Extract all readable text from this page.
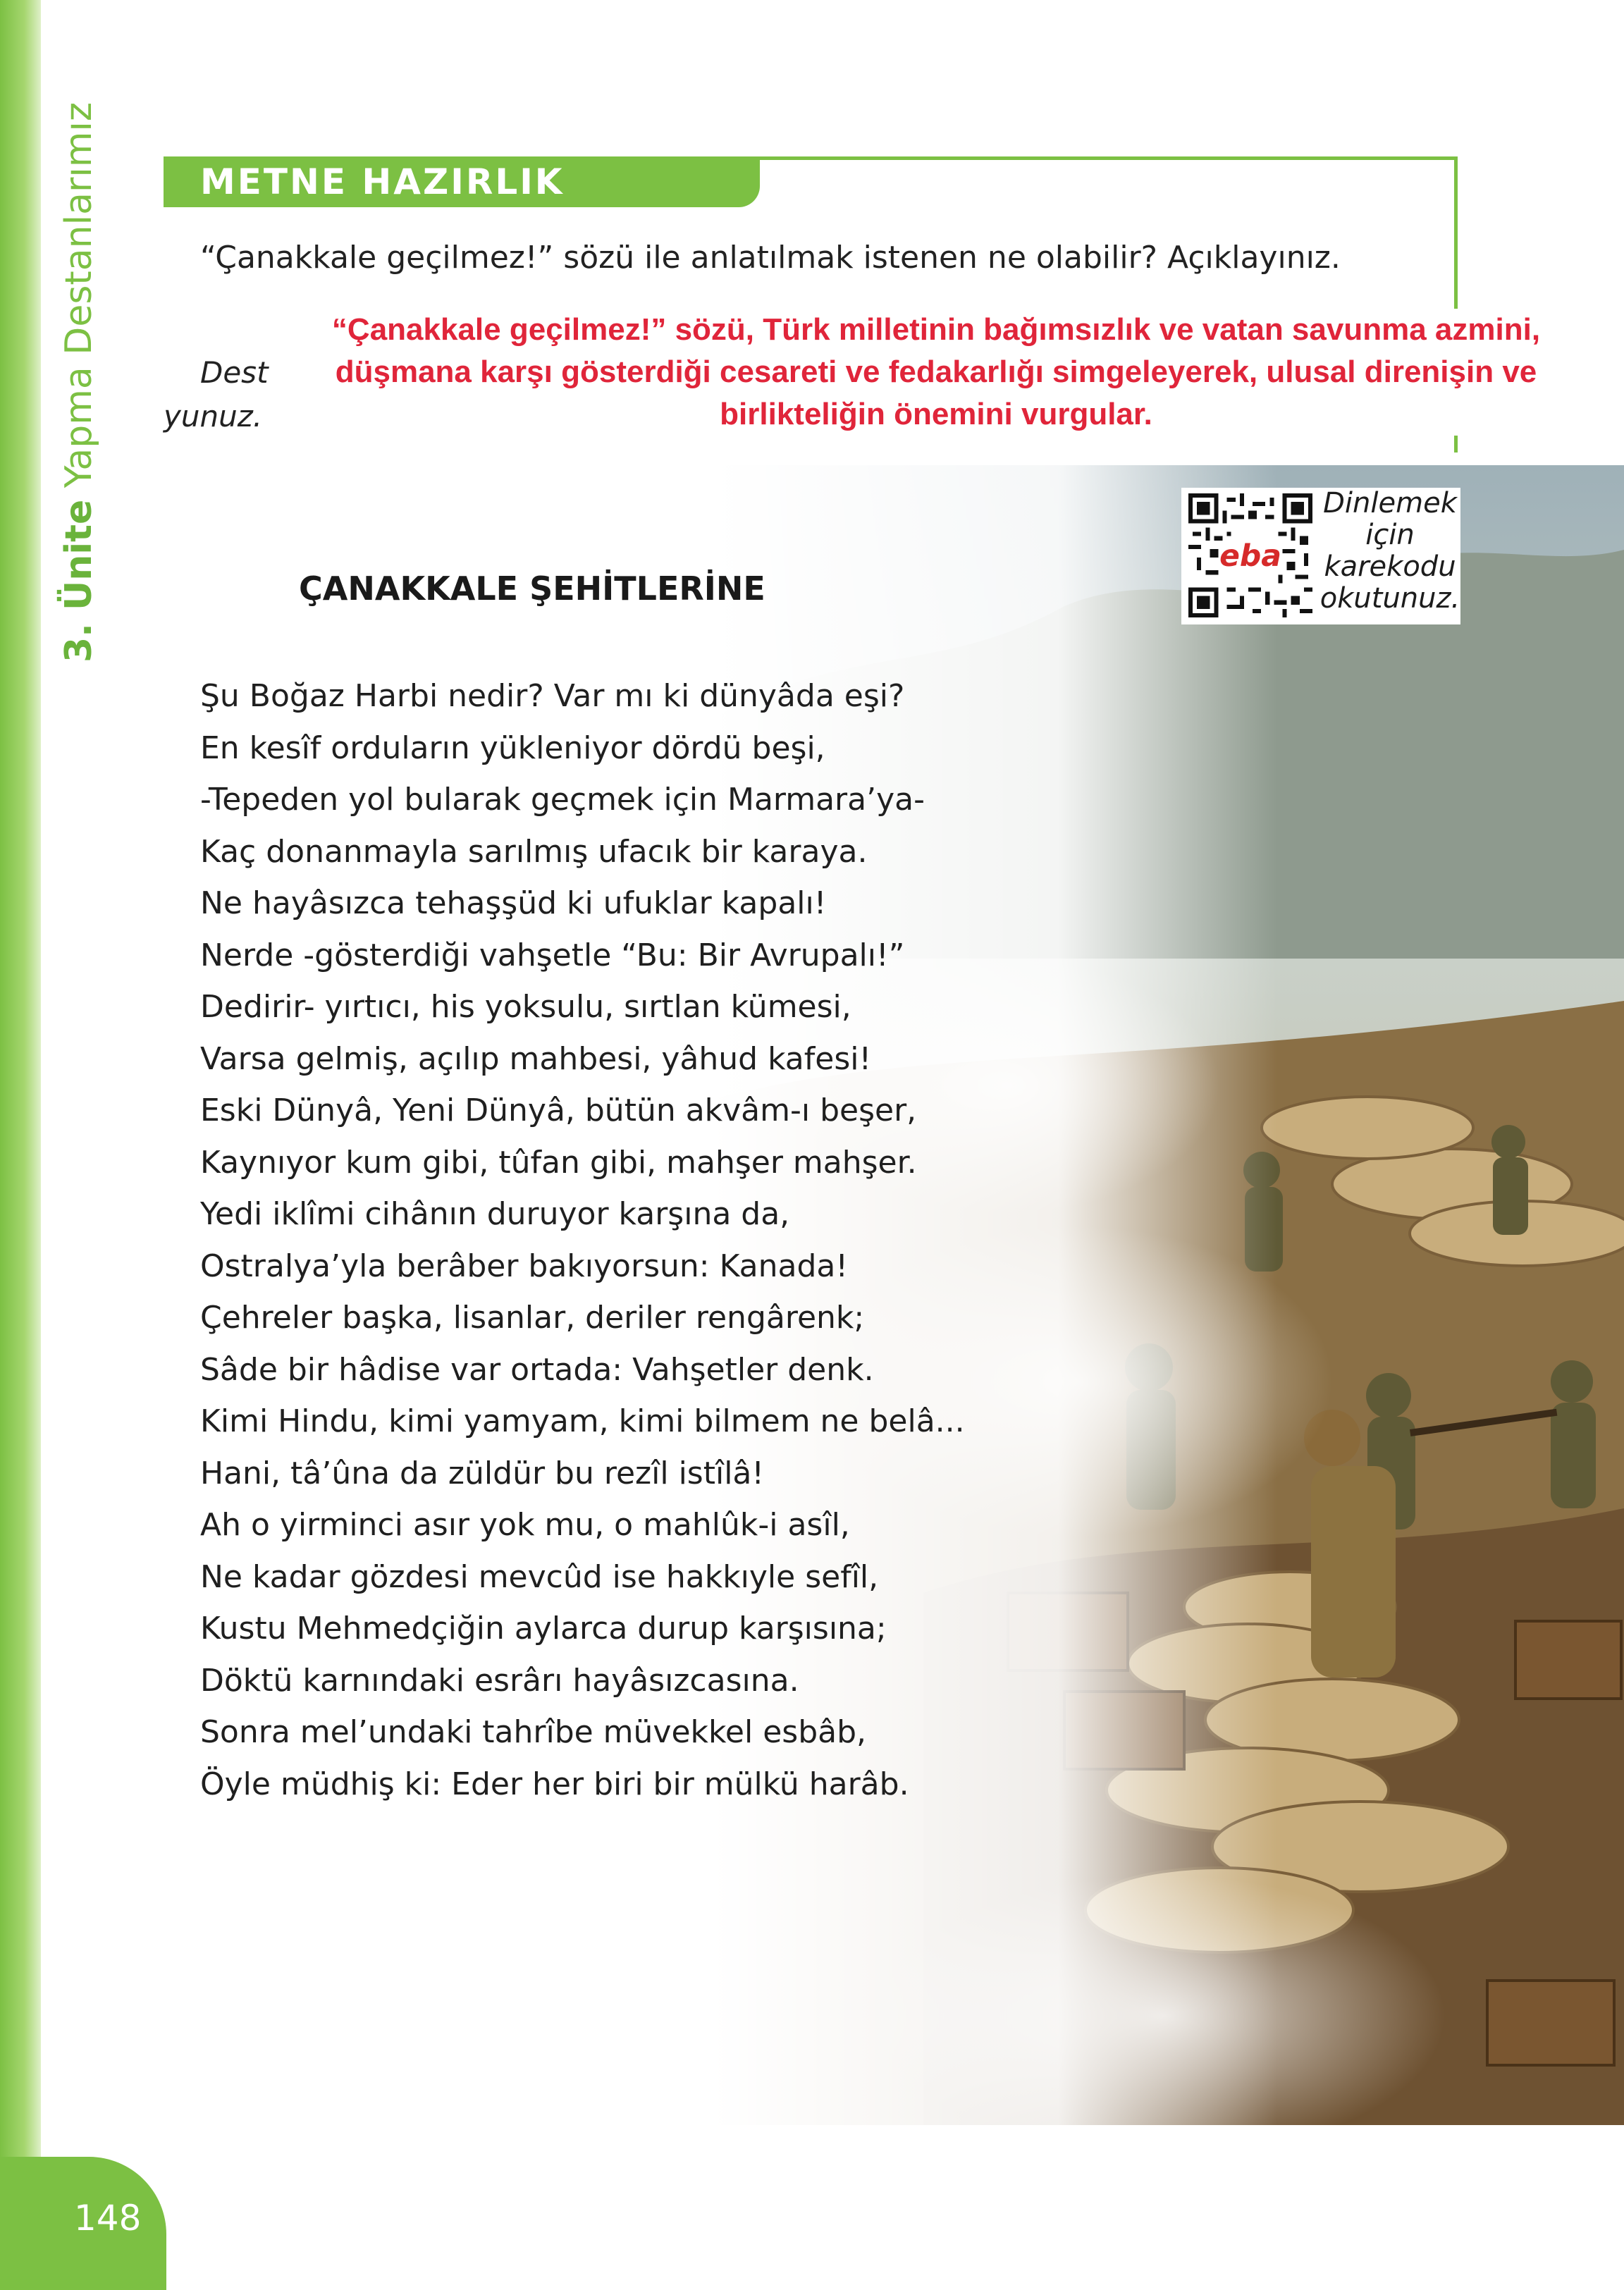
3. Ünite Yapma Destanlarımız
148
METNE HAZIRLIK
“Çanakkale geçilmez!” sözü ile anlatılmak istenen ne olabilir? Açıklayınız.
Dest
yunuz.
“Çanakkale geçilmez!” sözü, Türk milletinin bağımsızlık ve vatan savunma azmini, düşmana karşı gösterdiği cesareti ve fedakarlığı simgeleyerek, ulusal direnişin ve birlikteliğin önemini vurgular.
eba
Dinlemek
için
karekodu
okutunuz.
ÇANAKKALE ŞEHİTLERİNE
Şu Boğaz Harbi nedir? Var mı ki dünyâda eşi?
En kesîf orduların yükleniyor dördü beşi,
-Tepeden yol bularak geçmek için Marmara’ya-
Kaç donanmayla sarılmış ufacık bir karaya.
Ne hayâsızca tehaşşüd ki ufuklar kapalı!
Nerde -gösterdiği vahşetle “Bu: Bir Avrupalı!”
Dedirir- yırtıcı, his yoksulu, sırtlan kümesi,
Varsa gelmiş, açılıp mahbesi, yâhud kafesi!
Eski Dünyâ, Yeni Dünyâ, bütün akvâm-ı beşer,
Kaynıyor kum gibi, tûfan gibi, mahşer mahşer.
Yedi iklîmi cihânın duruyor karşına da,
Ostralya’yla berâber bakıyorsun: Kanada!
Çehreler başka, lisanlar, deriler rengârenk;
Sâde bir hâdise var ortada: Vahşetler denk.
Kimi Hindu, kimi yamyam, kimi bilmem ne belâ...
Hani, tâ’ûna da züldür bu rezîl istîlâ!
Ah o yirminci asır yok mu, o mahlûk-i asîl,
Ne kadar gözdesi mevcûd ise hakkıyle sefîl,
Kustu Mehmedçiğin aylarca durup karşısına;
Döktü karnındaki esrârı hayâsızcasına.
Sonra mel’undaki tahrîbe müvekkel esbâb,
Öyle müdhiş ki: Eder her biri bir mülkü harâb.
